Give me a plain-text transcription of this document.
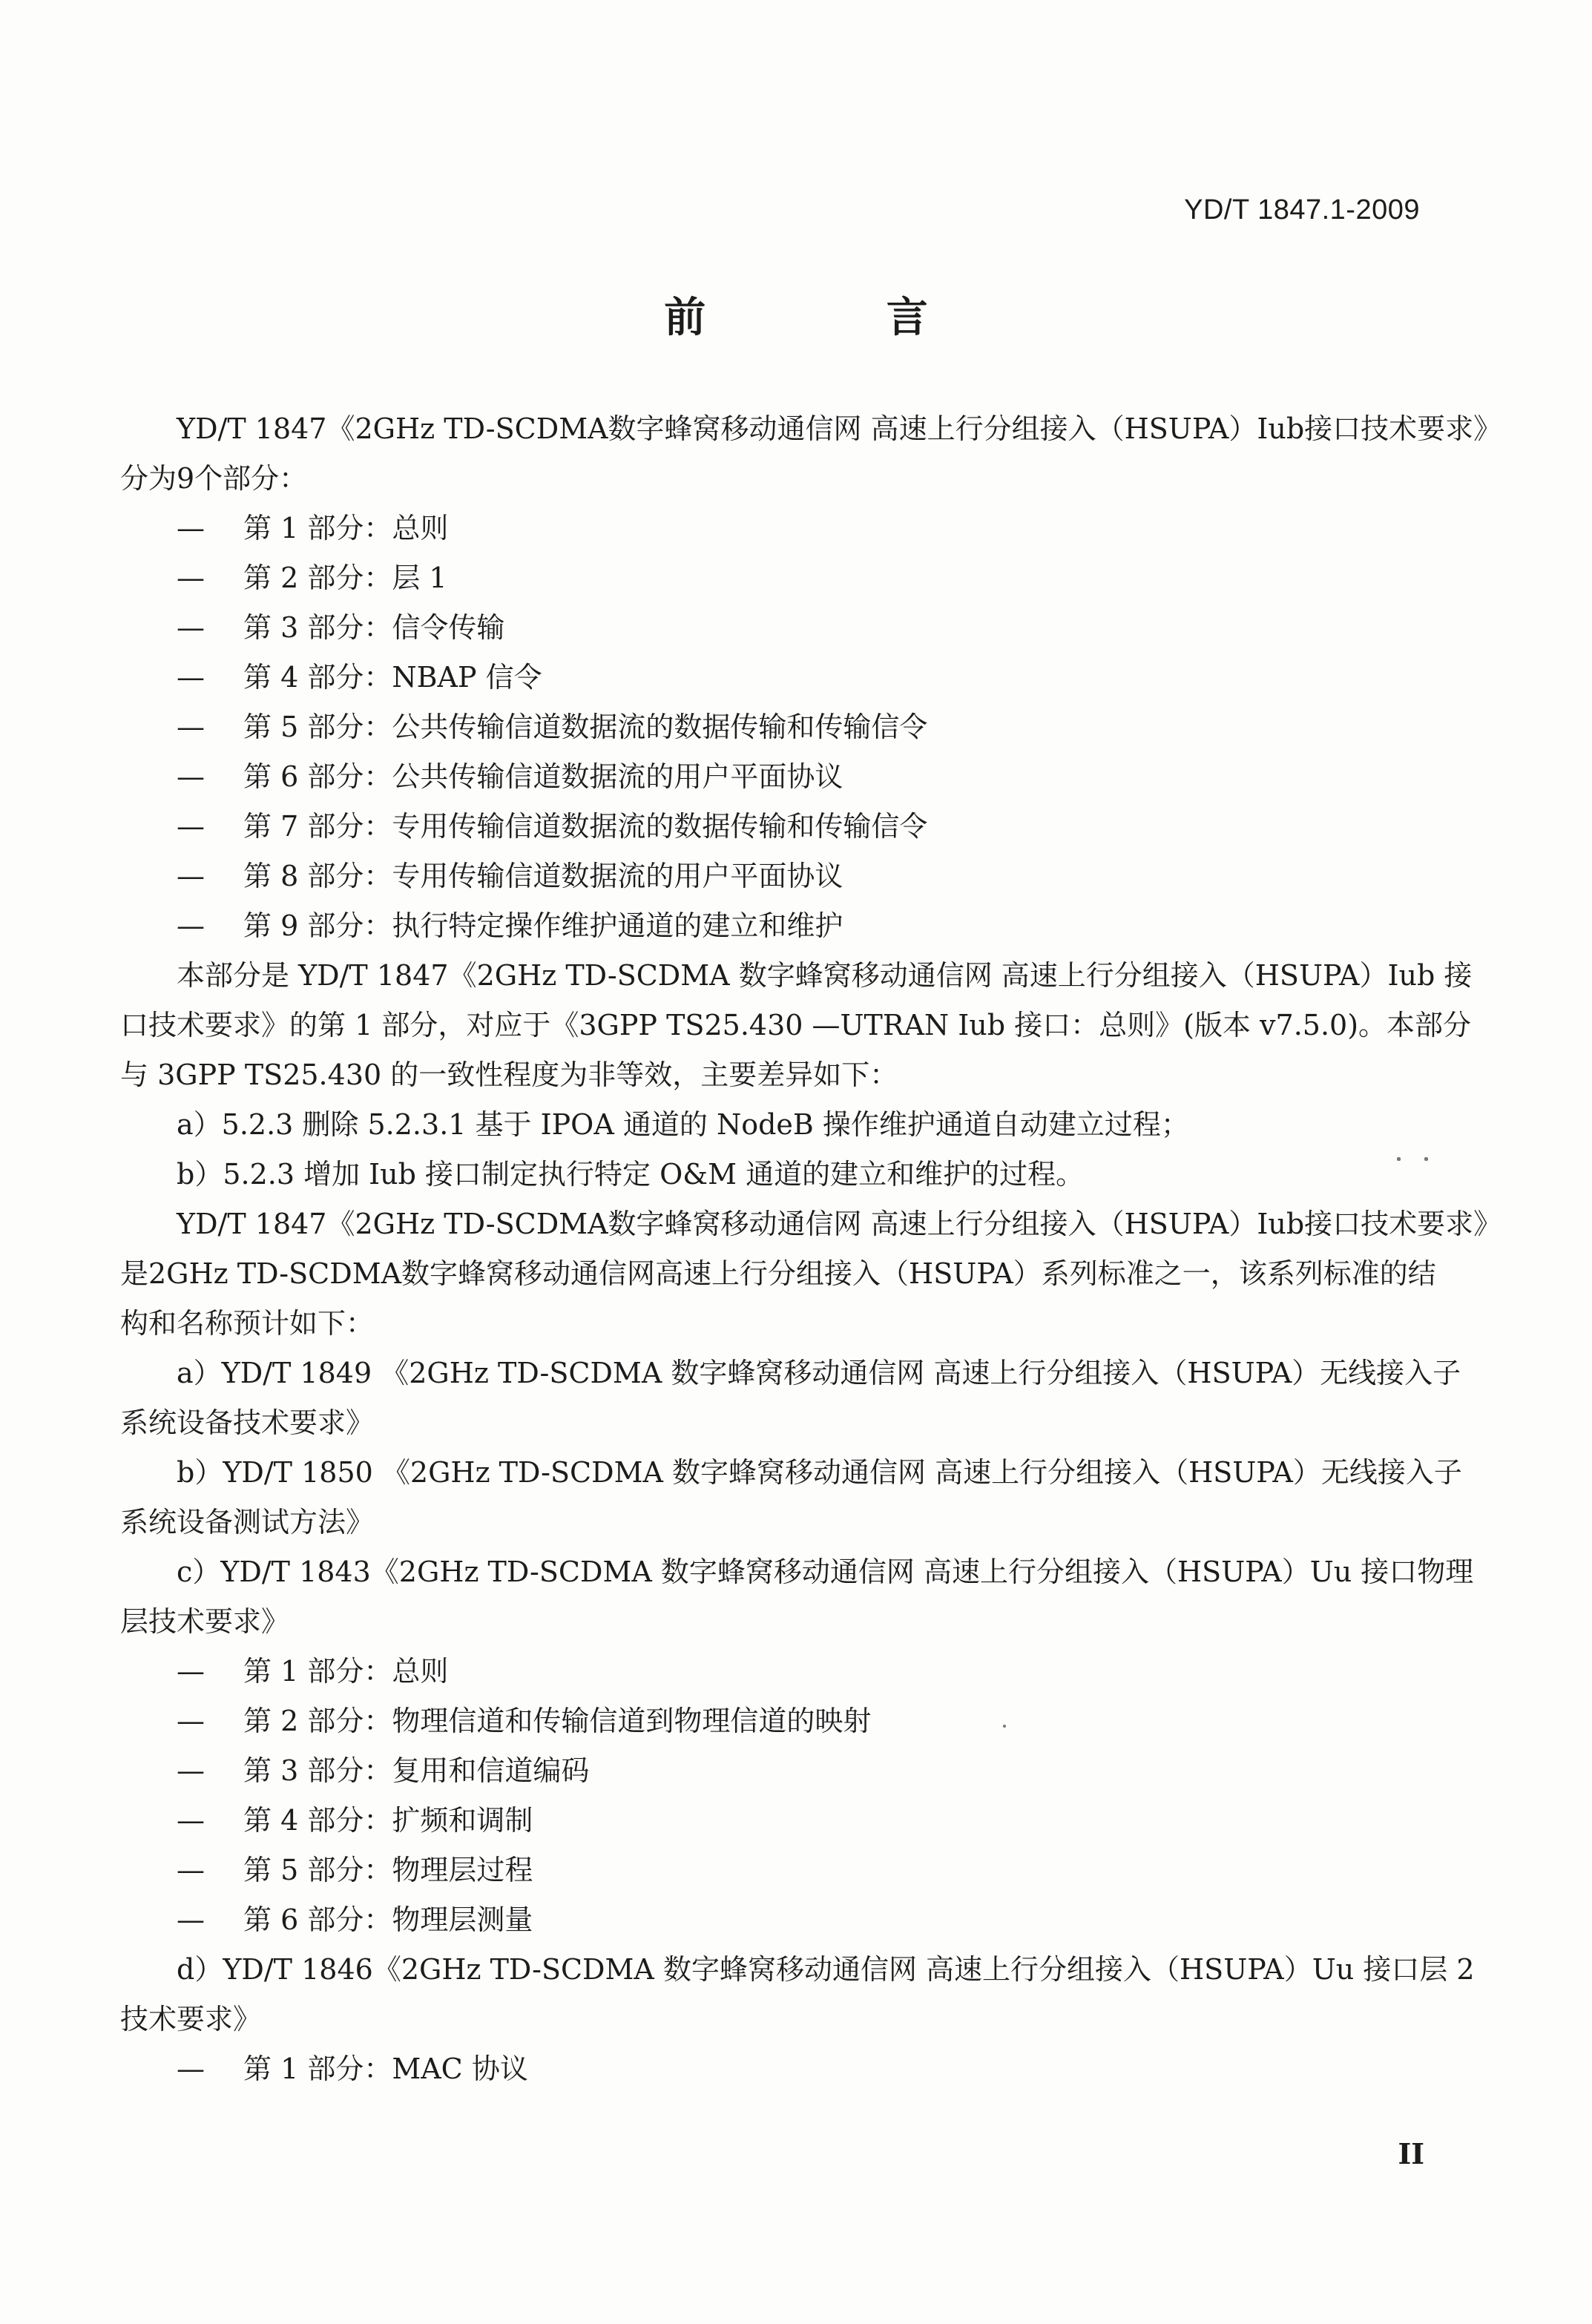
YD/T 1847.1-2009
前 言

YD/T 1847《2GHz TD-SCDMA数字蜂窝移动通信网 高速上行分组接入（HSUPA）Iub接口技术要求》

分为9个部分：

— 第 1 部分：总则

— 第 2 部分：层 1

— 第 3 部分：信令传输

— 第 4 部分：NBAP 信令

— 第 5 部分：公共传输信道数据流的数据传输和传输信令

— 第 6 部分：公共传输信道数据流的用户平面协议

— 第 7 部分：专用传输信道数据流的数据传输和传输信令

— 第 8 部分：专用传输信道数据流的用户平面协议

— 第 9 部分：执行特定操作维护通道的建立和维护

本部分是 YD/T 1847《2GHz TD-SCDMA 数字蜂窝移动通信网 高速上行分组接入（HSUPA）Iub 接

口技术要求》的第 1 部分，对应于《3GPP TS25.430 —UTRAN Iub 接口：总则》(版本 v7.5.0)。本部分

与 3GPP TS25.430 的一致性程度为非等效，主要差异如下：

a）5.2.3 删除 5.2.3.1 基于 IPOA 通道的 NodeB 操作维护通道自动建立过程；

b）5.2.3 增加 Iub 接口制定执行特定 O&M 通道的建立和维护的过程。

YD/T 1847《2GHz TD-SCDMA数字蜂窝移动通信网 高速上行分组接入（HSUPA）Iub接口技术要求》

是2GHz TD-SCDMA数字蜂窝移动通信网高速上行分组接入（HSUPA）系列标准之一，该系列标准的结

构和名称预计如下：

a）YD/T 1849 《2GHz TD-SCDMA 数字蜂窝移动通信网 高速上行分组接入（HSUPA）无线接入子

系统设备技术要求》

b）YD/T 1850 《2GHz TD-SCDMA 数字蜂窝移动通信网 高速上行分组接入（HSUPA）无线接入子

系统设备测试方法》

c）YD/T 1843《2GHz TD-SCDMA 数字蜂窝移动通信网 高速上行分组接入（HSUPA）Uu 接口物理

层技术要求》

— 第 1 部分：总则

— 第 2 部分：物理信道和传输信道到物理信道的映射

— 第 3 部分：复用和信道编码

— 第 4 部分：扩频和调制

— 第 5 部分：物理层过程

— 第 6 部分：物理层测量

d）YD/T 1846《2GHz TD-SCDMA 数字蜂窝移动通信网 高速上行分组接入（HSUPA）Uu 接口层 2

技术要求》

— 第 1 部分：MAC 协议

II
